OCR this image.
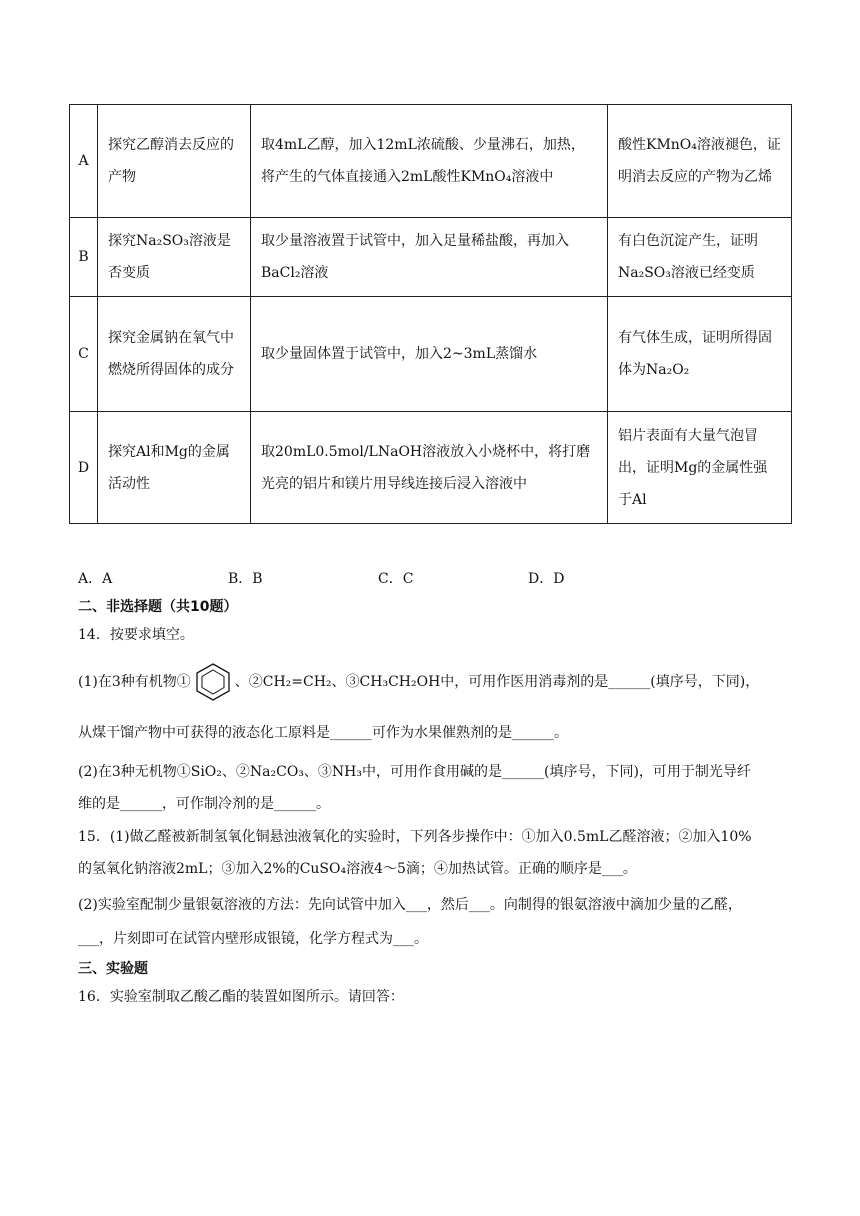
A	探究乙醇消去反应的产物	取4mL乙醇，加入12mL浓硫酸、少量沸石，加热，将产生的气体直接通入2mL酸性KMnO₄溶液中	酸性KMnO₄溶液褪色，证明消去反应的产物为乙烯
B	探究Na₂SO₃溶液是否变质	取少量溶液置于试管中，加入足量稀盐酸，再加入BaCl₂溶液	有白色沉淀产生，证明Na₂SO₃溶液已经变质
C	探究金属钠在氧气中燃烧所得固体的成分	取少量固体置于试管中，加入2~3mL蒸馏水	有气体生成，证明所得固体为Na₂O₂
D	探究Al和Mg的金属活动性	取20mL0.5mol/LNaOH溶液放入小烧杯中，将打磨光亮的铝片和镁片用导线连接后浸入溶液中	铝片表面有大量气泡冒出，证明Mg的金属性强于Al
A．A	B．B	C．C	D．D
二、非选择题（共10题）
14．按要求填空。
(1)在3种有机物①	、②CH₂=CH₂、③CH₃CH₂OH中，可用作医用消毒剂的是______(填序号，下同)，
从煤干馏产物中可获得的液态化工原料是______可作为水果催熟剂的是______。
(2)在3种无机物①SiO₂、②Na₂CO₃、③NH₃中，可用作食用碱的是______(填序号，下同)，可用于制光导纤
维的是______，可作制冷剂的是______。
15．(1)做乙醛被新制氢氧化铜悬浊液氧化的实验时，下列各步操作中：①加入0.5mL乙醛溶液；②加入10%
的氢氧化钠溶液2mL；③加入2%的CuSO₄溶液4～5滴；④加热试管。正确的顺序是___。
(2)实验室配制少量银氨溶液的方法：先向试管中加入___，然后___。向制得的银氨溶液中滴加少量的乙醛，
___，片刻即可在试管内壁形成银镜，化学方程式为___。
三、实验题
16．实验室制取乙酸乙酯的装置如图所示。请回答：
